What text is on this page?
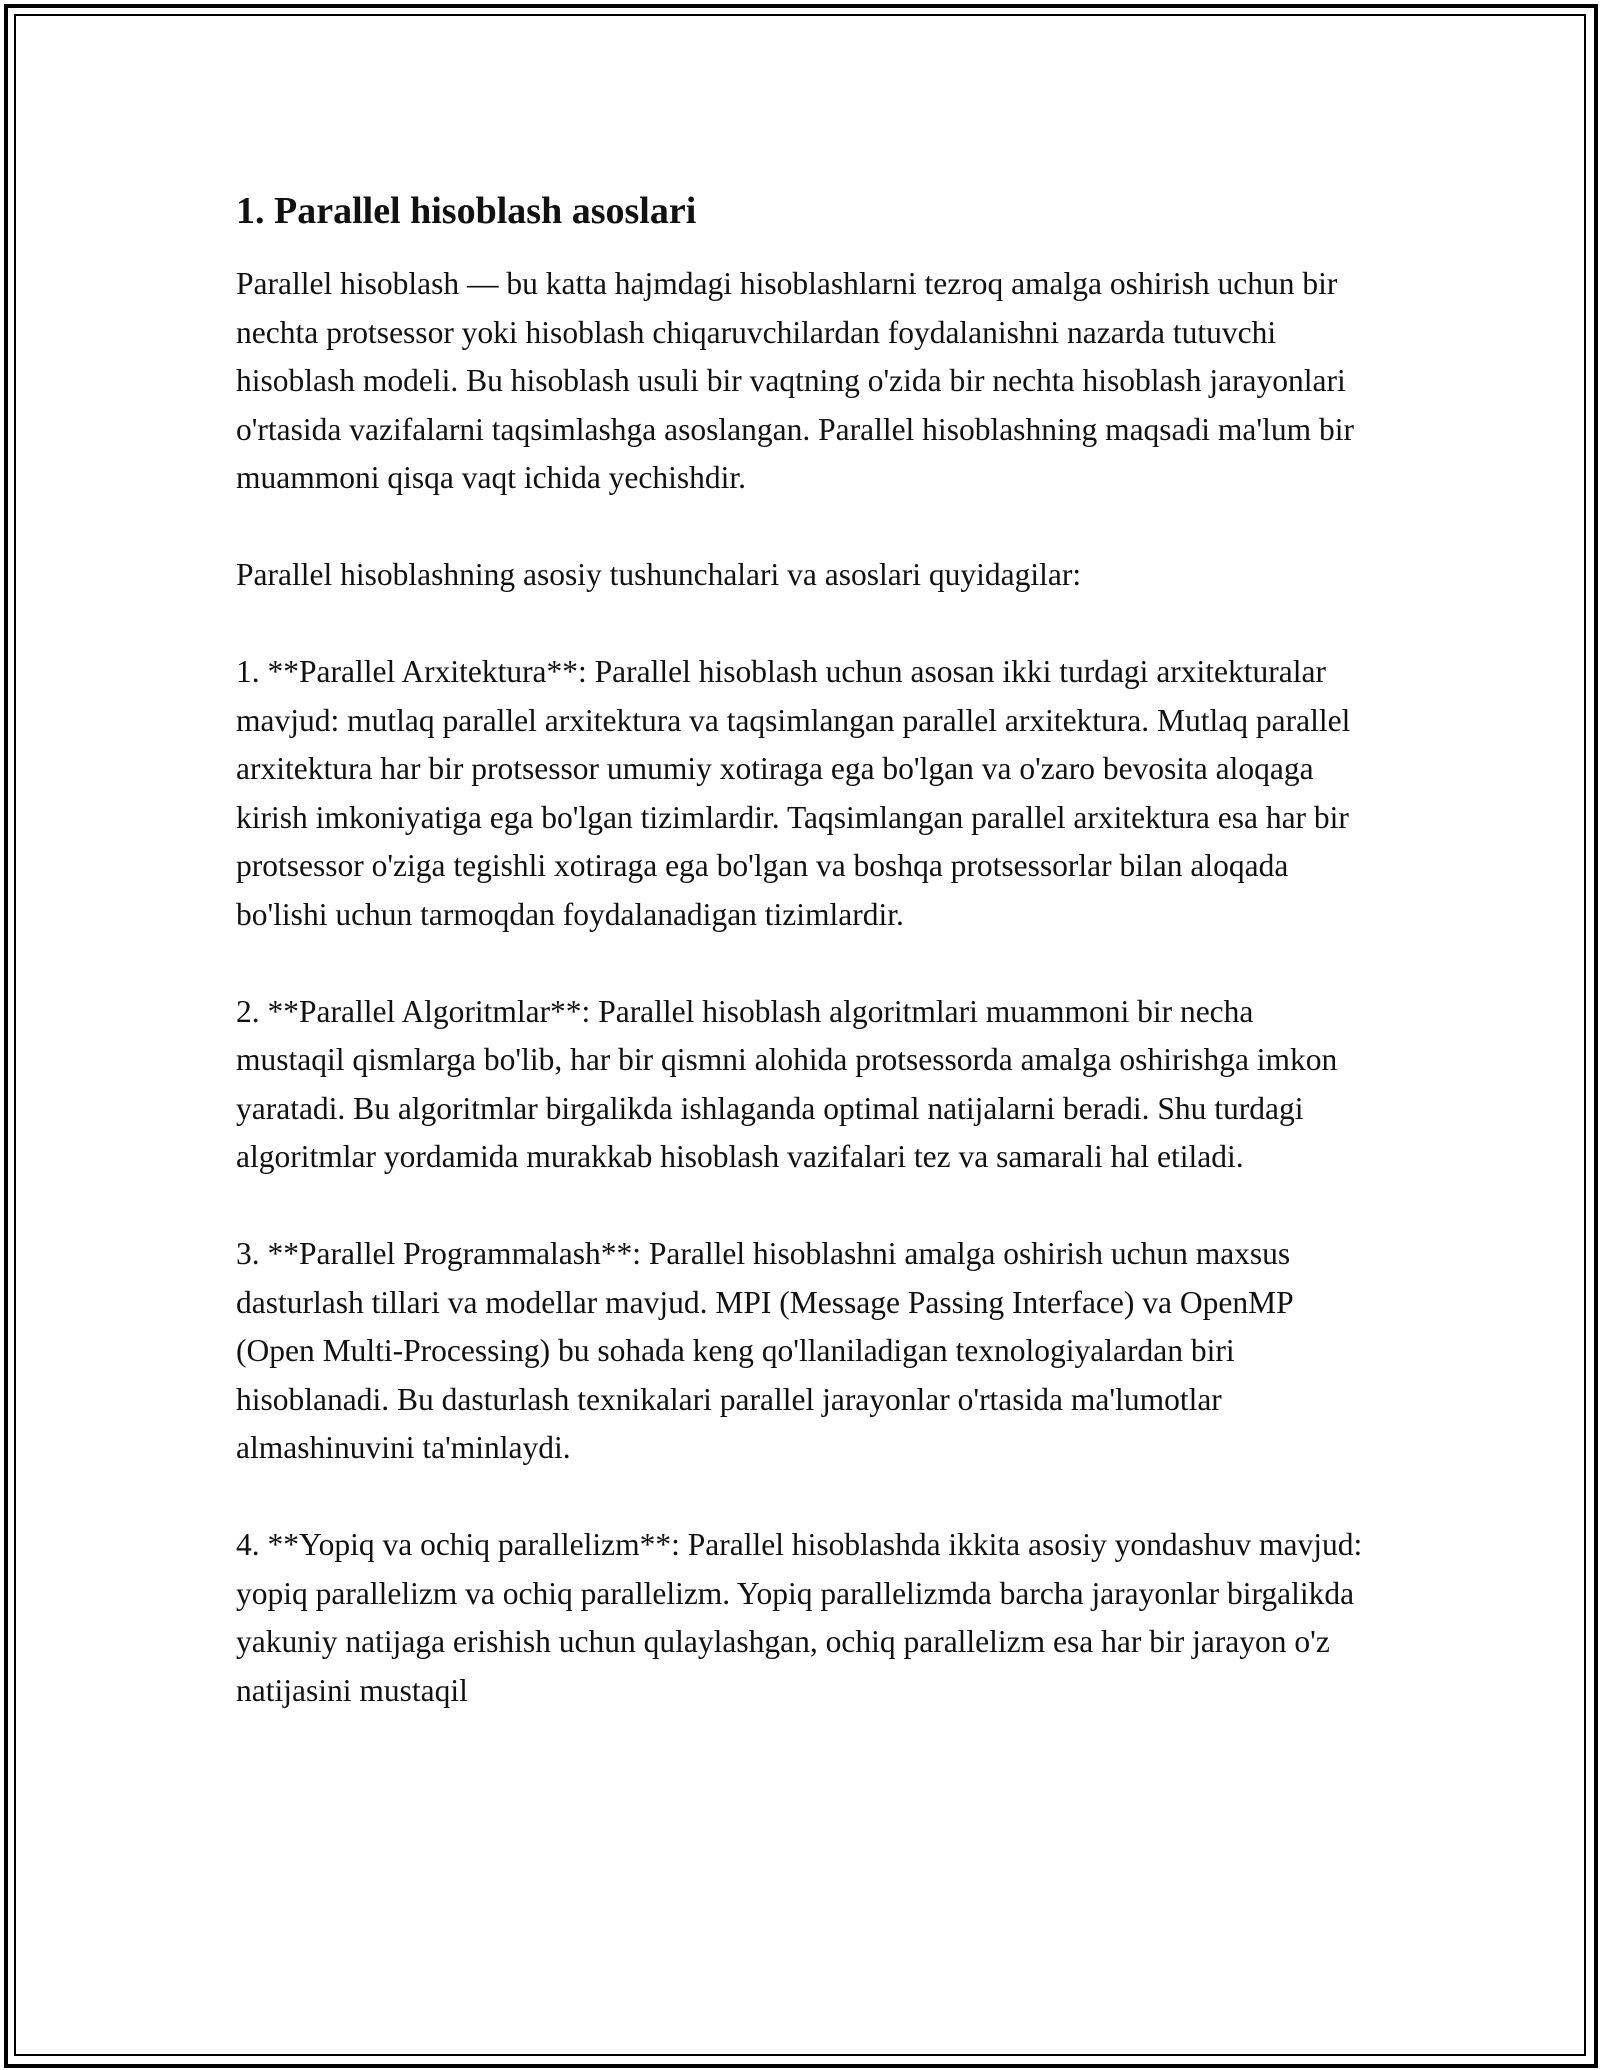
1. Parallel hisoblash asoslari

Parallel hisoblash — bu katta hajmdagi hisoblashlarni tezroq amalga oshirish uchun bir nechta protsessor yoki hisoblash chiqaruvchilardan foydalanishni nazarda tutuvchi hisoblash modeli. Bu hisoblash usuli bir vaqtning o'zida bir nechta hisoblash jarayonlari o'rtasida vazifalarni taqsimlashga asoslangan. Parallel hisoblashning maqsadi ma'lum bir muammoni qisqa vaqt ichida yechishdir.

Parallel hisoblashning asosiy tushunchalari va asoslari quyidagilar:

1. **Parallel Arxitektura**: Parallel hisoblash uchun asosan ikki turdagi arxitekturalar mavjud: mutlaq parallel arxitektura va taqsimlangan parallel arxitektura. Mutlaq parallel arxitektura har bir protsessor umumiy xotiraga ega bo'lgan va o'zaro bevosita aloqaga kirish imkoniyatiga ega bo'lgan tizimlardir. Taqsimlangan parallel arxitektura esa har bir protsessor o'ziga tegishli xotiraga ega bo'lgan va boshqa protsessorlar bilan aloqada bo'lishi uchun tarmoqdan foydalanadigan tizimlardir.

2. **Parallel Algoritmlar**: Parallel hisoblash algoritmlari muammoni bir necha mustaqil qismlarga bo'lib, har bir qismni alohida protsessorda amalga oshirishga imkon yaratadi. Bu algoritmlar birgalikda ishlaganda optimal natijalarni beradi. Shu turdagi algoritmlar yordamida murakkab hisoblash vazifalari tez va samarali hal etiladi.

3. **Parallel Programmalash**: Parallel hisoblashni amalga oshirish uchun maxsus dasturlash tillari va modellar mavjud. MPI (Message Passing Interface) va OpenMP (Open Multi-Processing) bu sohada keng qo'llaniladigan texnologiyalardan biri hisoblanadi. Bu dasturlash texnikalari parallel jarayonlar o'rtasida ma'lumotlar almashinuvini ta'minlaydi.

4. **Yopiq va ochiq parallelizm**: Parallel hisoblashda ikkita asosiy yondashuv mavjud: yopiq parallelizm va ochiq parallelizm. Yopiq parallelizmda barcha jarayonlar birgalikda yakuniy natijaga erishish uchun qulaylashgan, ochiq parallelizm esa har bir jarayon o'z natijasini mustaqil
